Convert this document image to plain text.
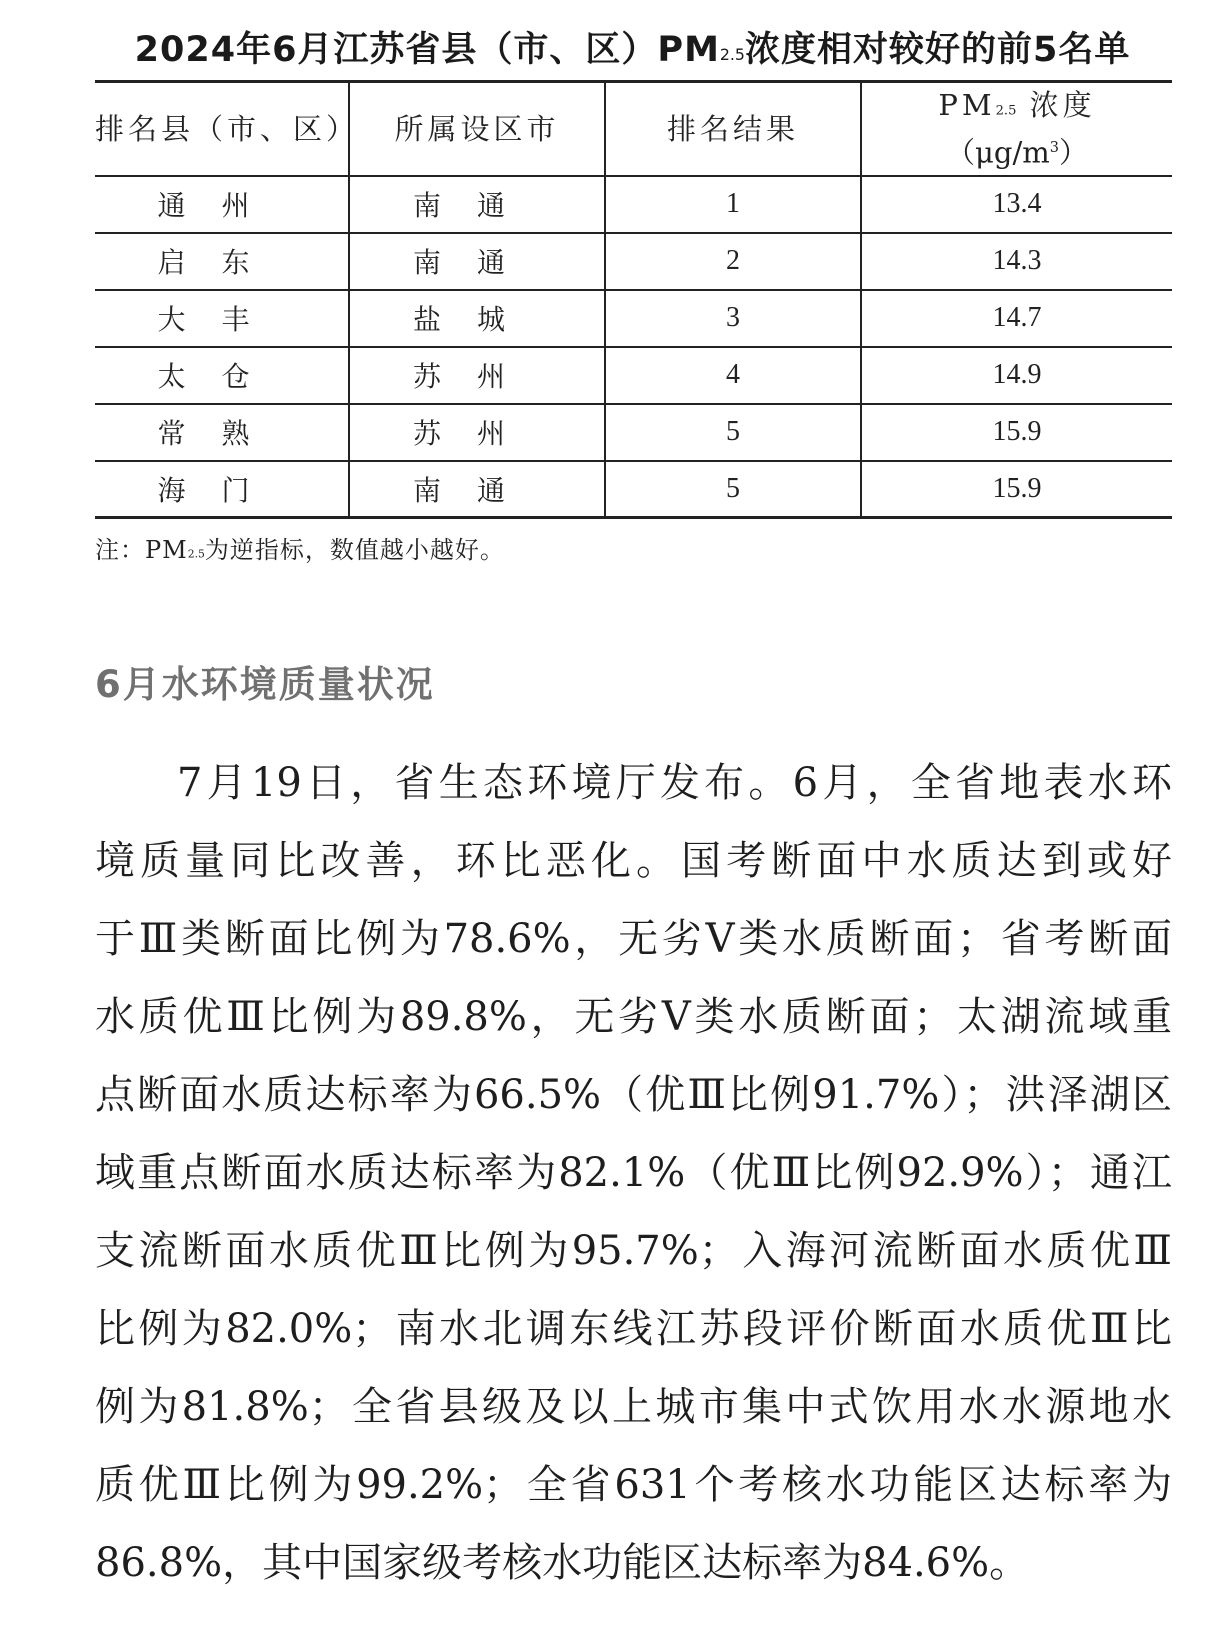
2024年6月江苏省县（市、区）$PM_{2.5}$浓度相对较好的前5名单
排名县（市、区）	所属设区市	排名结果	$PM_{2.5}$ 浓度
$(\mu g/m^3)$

通州	南通	1	13.4
启东	南通	2	14.3
大丰	盐城	3	14.7
太仓	苏州	4	14.9
常熟	苏州	5	15.9
海门	南通	5	15.9
注：$PM_{2.5}$为逆指标，数值越小越好。
6月水环境质量状况
7月19日，省生态环境厅发布。6月，全省地表水环
境质量同比改善，环比恶化。国考断面中水质达到或好
于Ⅲ类断面比例为78.6%，无劣Ⅴ类水质断面；省考断面
水质优Ⅲ比例为89.8%，无劣Ⅴ类水质断面；太湖流域重
点断面水质达标率为66.5%（优Ⅲ比例91.7%）；洪泽湖区
域重点断面水质达标率为82.1%（优Ⅲ比例92.9%）；通江
支流断面水质优Ⅲ比例为95.7%；入海河流断面水质优Ⅲ
比例为82.0%；南水北调东线江苏段评价断面水质优Ⅲ比
例为81.8%；全省县级及以上城市集中式饮用水水源地水
质优Ⅲ比例为99.2%；全省631个考核水功能区达标率为
86.8%，其中国家级考核水功能区达标率为84.6%。
